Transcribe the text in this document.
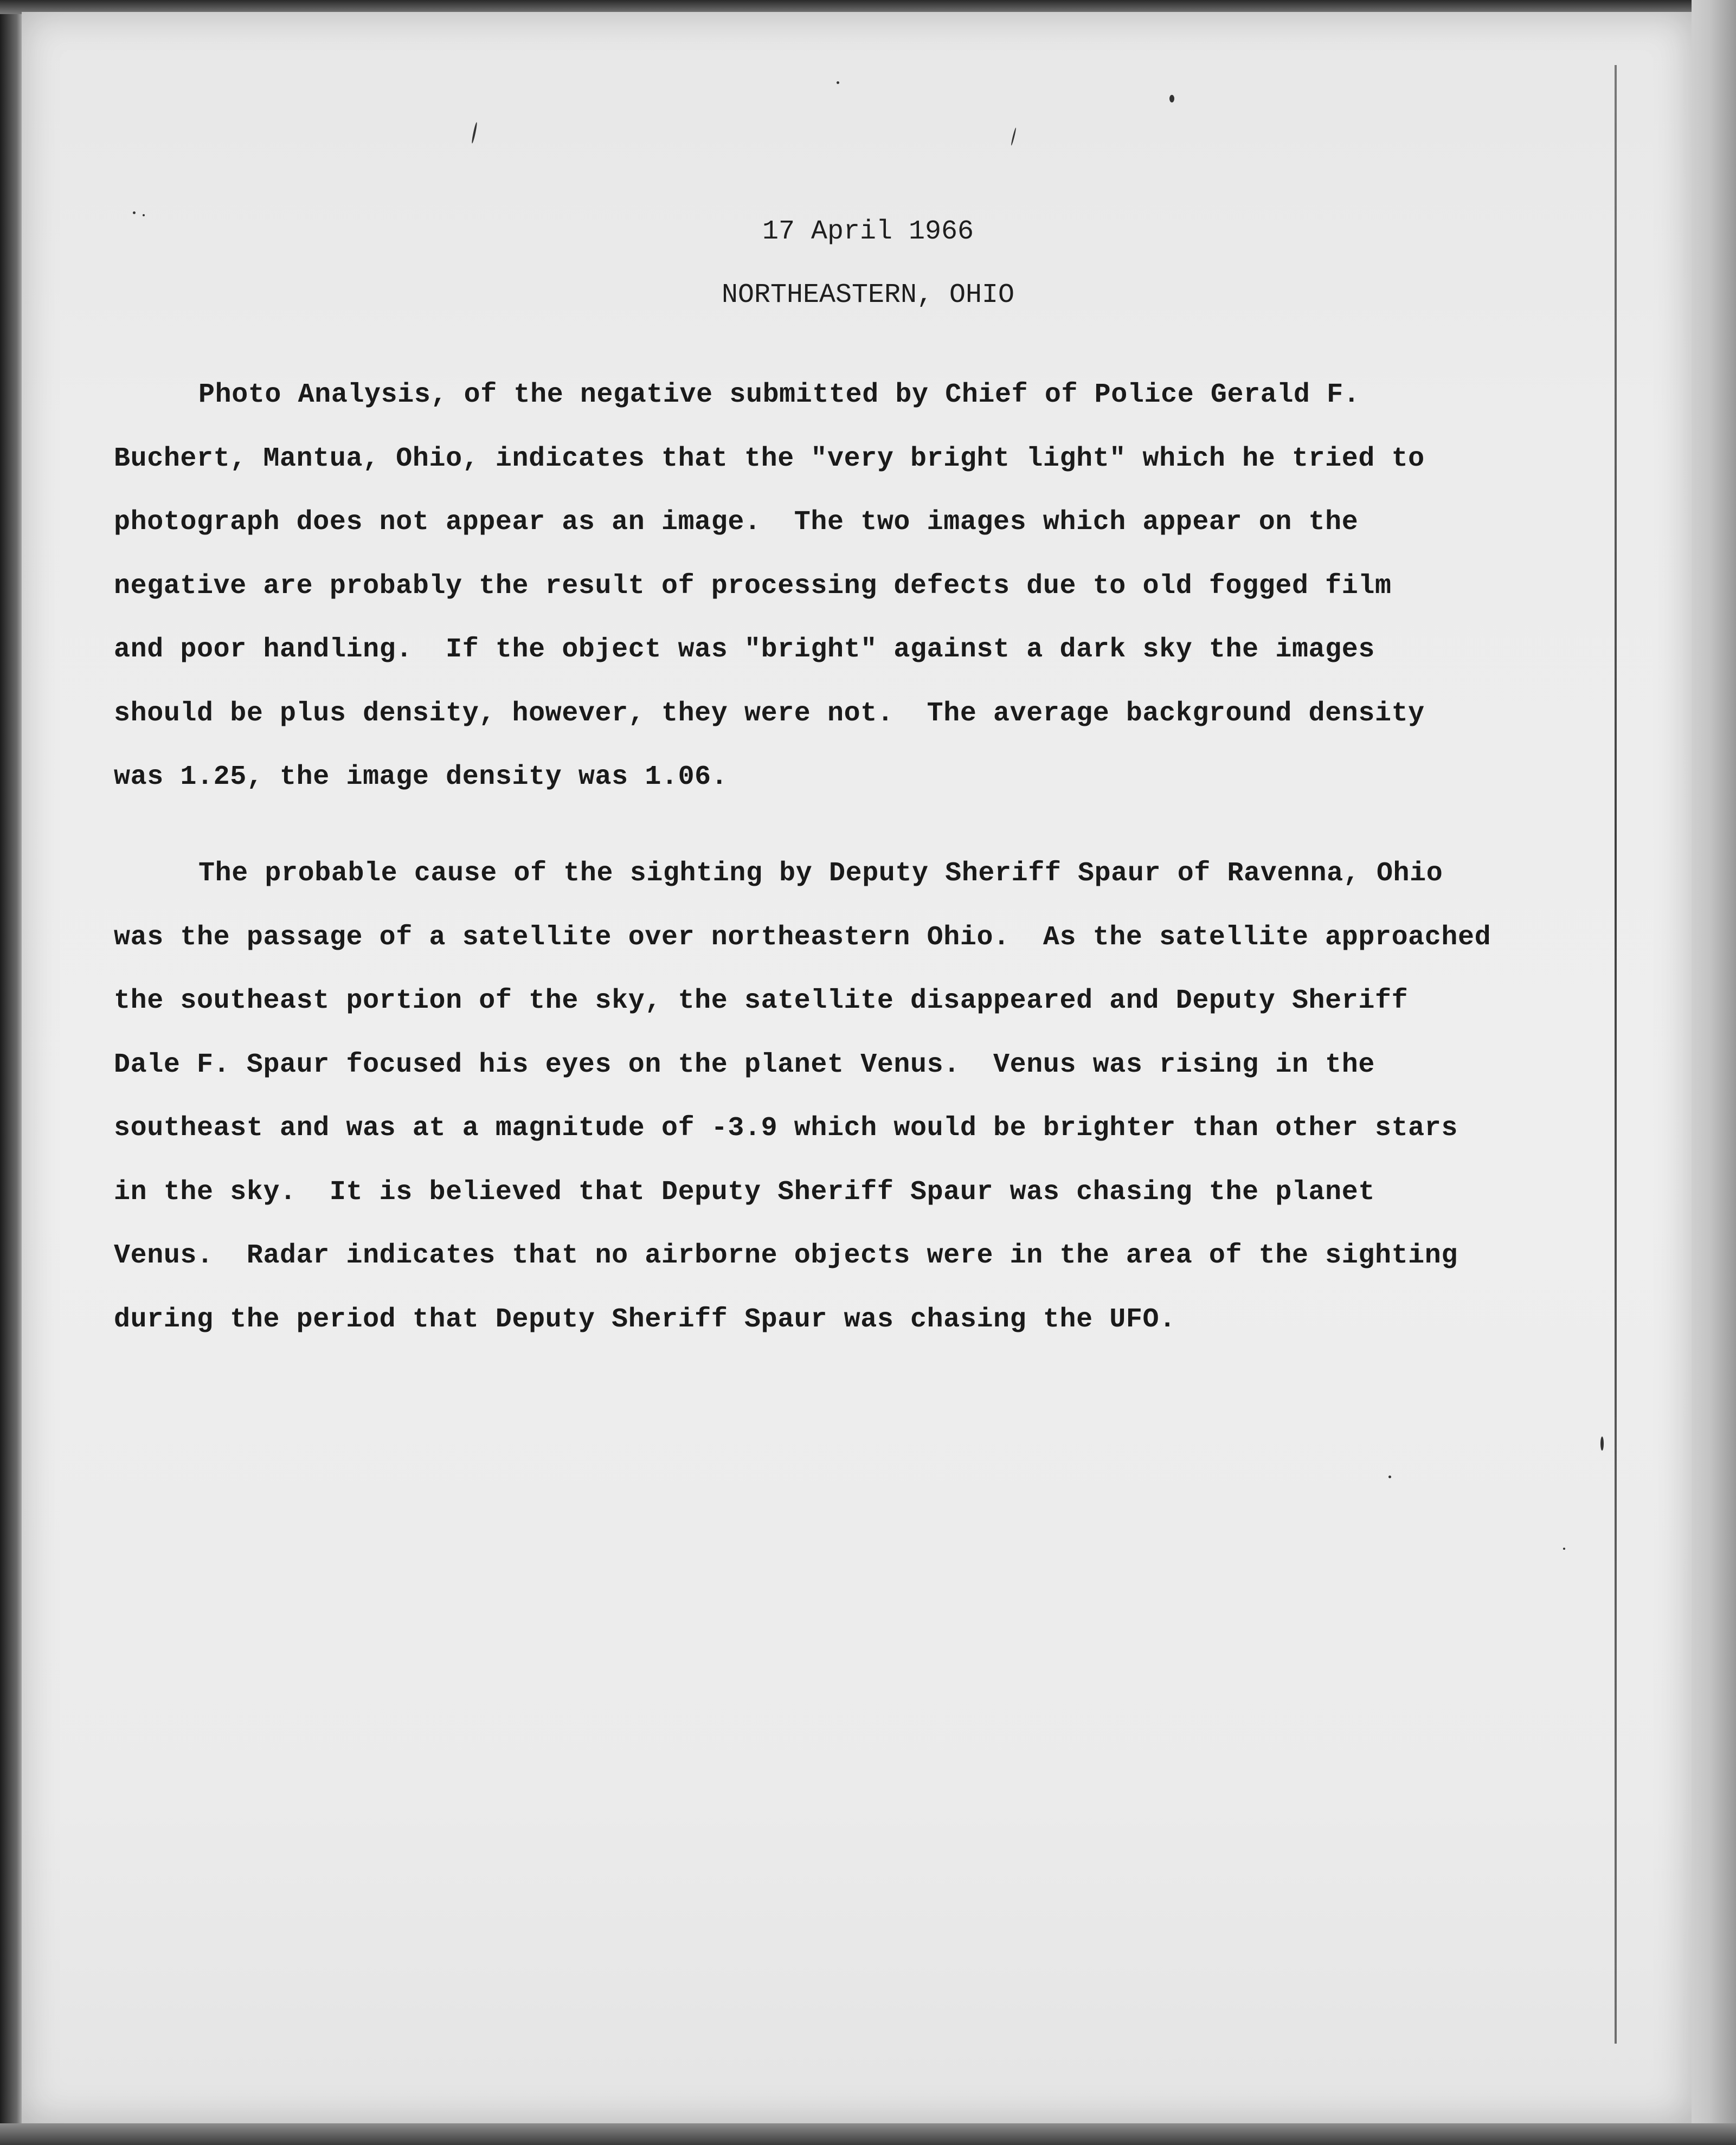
17 April 1966
NORTHEASTERN, OHIO

Photo Analysis, of the negative submitted by Chief of Police Gerald F.
Buchert, Mantua, Ohio, indicates that the "very bright light" which he tried to
photograph does not appear as an image.  The two images which appear on the
negative are probably the result of processing defects due to old fogged film
and poor handling.  If the object was "bright" against a dark sky the images
should be plus density, however, they were not.  The average background density
was 1.25, the image density was 1.06.

The probable cause of the sighting by Deputy Sheriff Spaur of Ravenna, Ohio
was the passage of a satellite over northeastern Ohio.  As the satellite approached
the southeast portion of the sky, the satellite disappeared and Deputy Sheriff
Dale F. Spaur focused his eyes on the planet Venus.  Venus was rising in the
southeast and was at a magnitude of -3.9 which would be brighter than other stars
in the sky.  It is believed that Deputy Sheriff Spaur was chasing the planet
Venus.  Radar indicates that no airborne objects were in the area of the sighting
during the period that Deputy Sheriff Spaur was chasing the UFO.
